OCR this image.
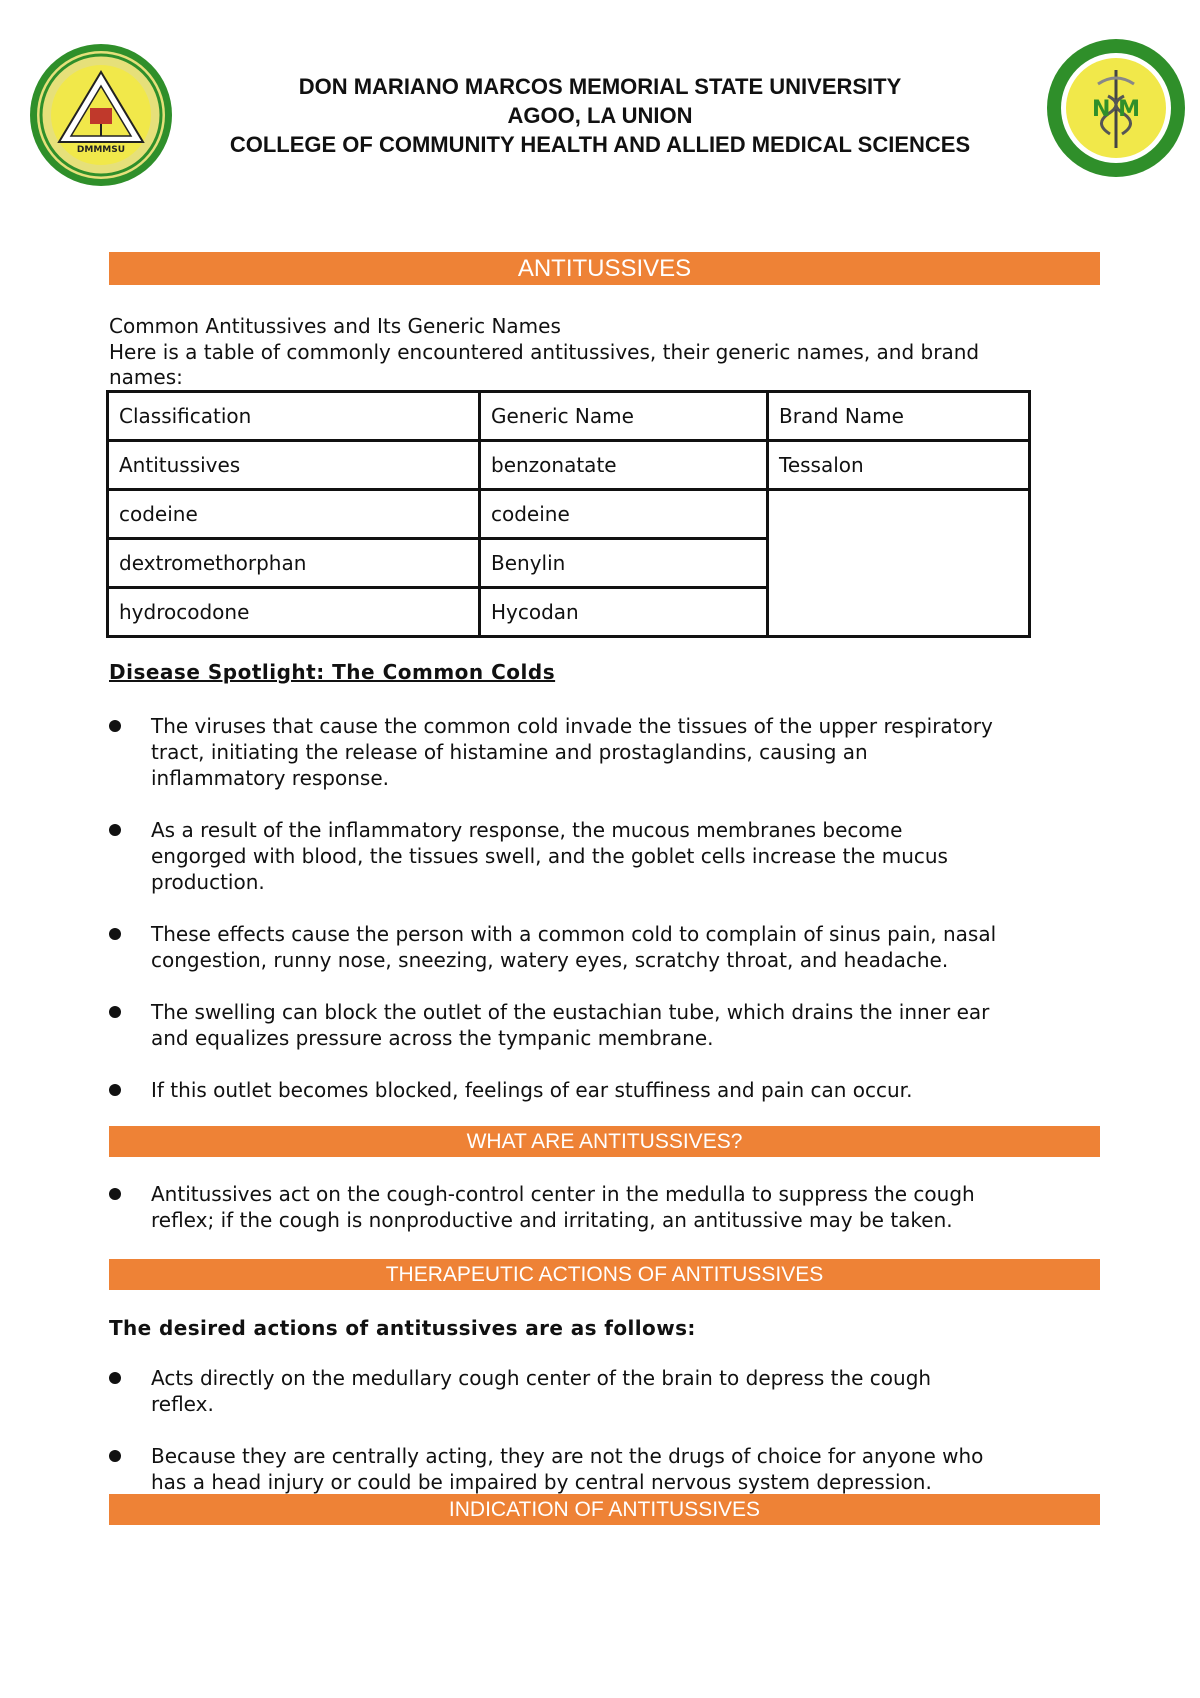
DMMMSU
N M
DON MARIANO MARCOS MEMORIAL STATE UNIVERSITY
AGOO, LA UNION
COLLEGE OF COMMUNITY HEALTH AND ALLIED MEDICAL SCIENCES
ANTITUSSIVES
Common Antitussives and Its Generic Names
Here is a table of commonly encountered antitussives, their generic names, and brand
names:
Classification	Generic Name	Brand Name
Antitussives	benzonatate	Tessalon
codeine	codeine	
dextromethorphan	Benylin	
hydrocodone	Hycodan	
Disease Spotlight: The Common Colds
The viruses that cause the common cold invade the tissues of the upper respiratory
tract, initiating the release of histamine and prostaglandins, causing an
inflammatory response.
As a result of the inflammatory response, the mucous membranes become
engorged with blood, the tissues swell, and the goblet cells increase the mucus
production.
These effects cause the person with a common cold to complain of sinus pain, nasal
congestion, runny nose, sneezing, watery eyes, scratchy throat, and headache.
The swelling can block the outlet of the eustachian tube, which drains the inner ear
and equalizes pressure across the tympanic membrane.
If this outlet becomes blocked, feelings of ear stuffiness and pain can occur.
WHAT ARE ANTITUSSIVES?
Antitussives act on the cough-control center in the medulla to suppress the cough
reflex; if the cough is nonproductive and irritating, an antitussive may be taken.
THERAPEUTIC ACTIONS OF ANTITUSSIVES
The desired actions of antitussives are as follows:
Acts directly on the medullary cough center of the brain to depress the cough
reflex.
Because they are centrally acting, they are not the drugs of choice for anyone who
has a head injury or could be impaired by central nervous system depression.
INDICATION OF ANTITUSSIVES
